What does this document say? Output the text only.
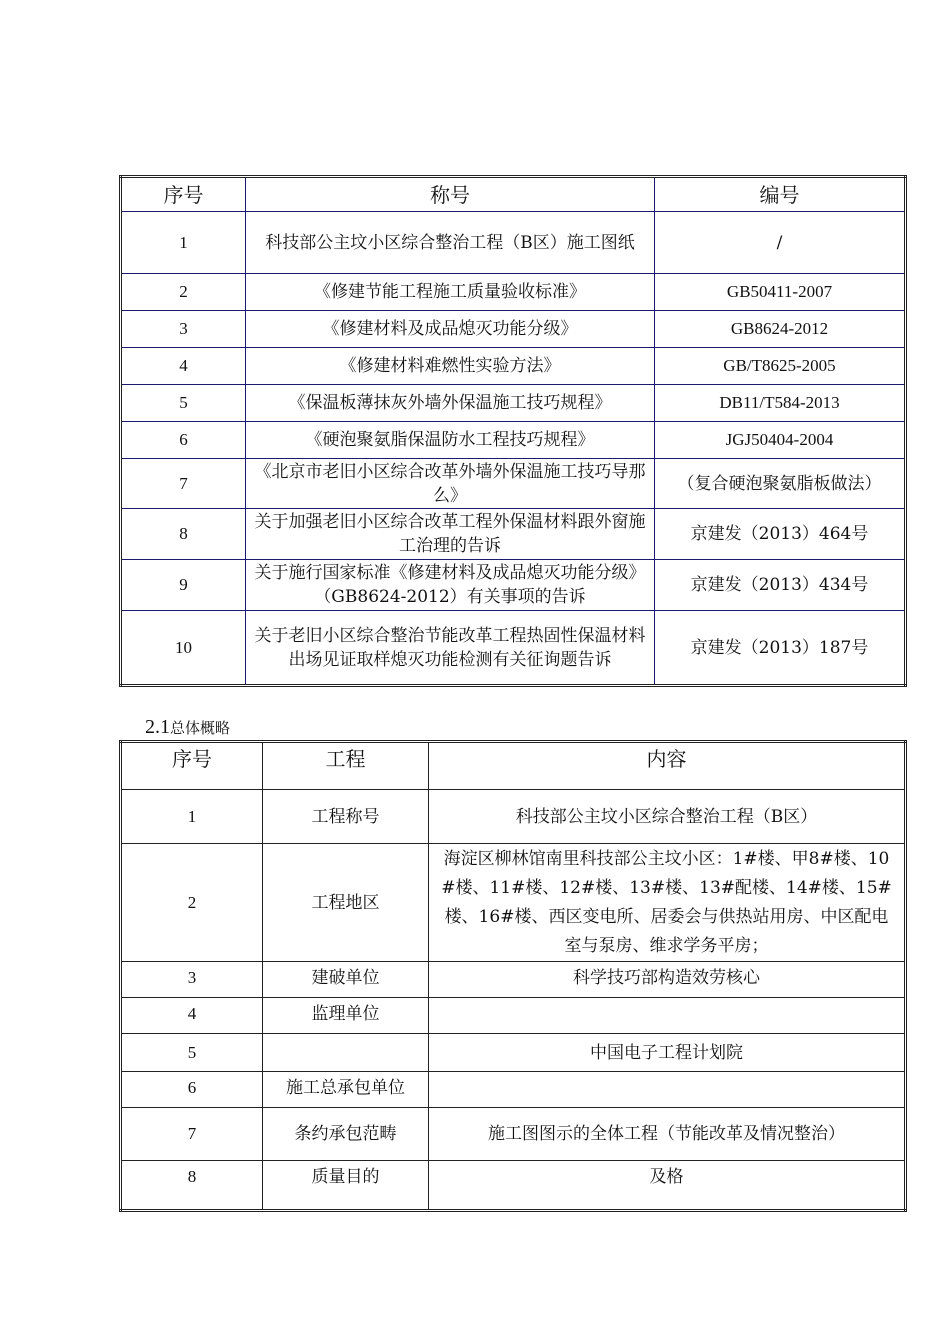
序号	称号	编号
1	科技部公主坟小区综合整治工程（B区）施工图纸	/
2	《修建节能工程施工质量验收标准》	GB50411-2007
3	《修建材料及成品熄灭功能分级》	GB8624-2012
4	《修建材料难燃性实验方法》	GB/T8625-2005
5	《保温板薄抹灰外墙外保温施工技巧规程》	DB11/T584-2013
6	《硬泡聚氨脂保温防水工程技巧规程》	JGJ50404-2004
7	《北京市老旧小区综合改革外墙外保温施工技巧导那么》	（复合硬泡聚氨脂板做法）
8	关于加强老旧小区综合改革工程外保温材料跟外窗施工治理的告诉	京建发（2013）464号
9	关于施行国家标准《修建材料及成品熄灭功能分级》（GB8624-2012）有关事项的告诉	京建发（2013）434号
10	关于老旧小区综合整治节能改革工程热固性保温材料出场见证取样熄灭功能检测有关征询题告诉	京建发（2013）187号
2.1总体概略
序号	工程	内容
1	工程称号	科技部公主坟小区综合整治工程（B区）
2	工程地区	海淀区柳林馆南里科技部公主坟小区：1#楼、甲8#楼、10#楼、11#楼、12#楼、13#楼、13#配楼、14#楼、15#楼、16#楼、西区变电所、居委会与供热站用房、中区配电室与泵房、维求学务平房；
3	建破单位	科学技巧部构造效劳核心
4	监理单位	
5		中国电子工程计划院
6	施工总承包单位	
7	条约承包范畴	施工图图示的全体工程（节能改革及情况整治）
8	质量目的	及格
